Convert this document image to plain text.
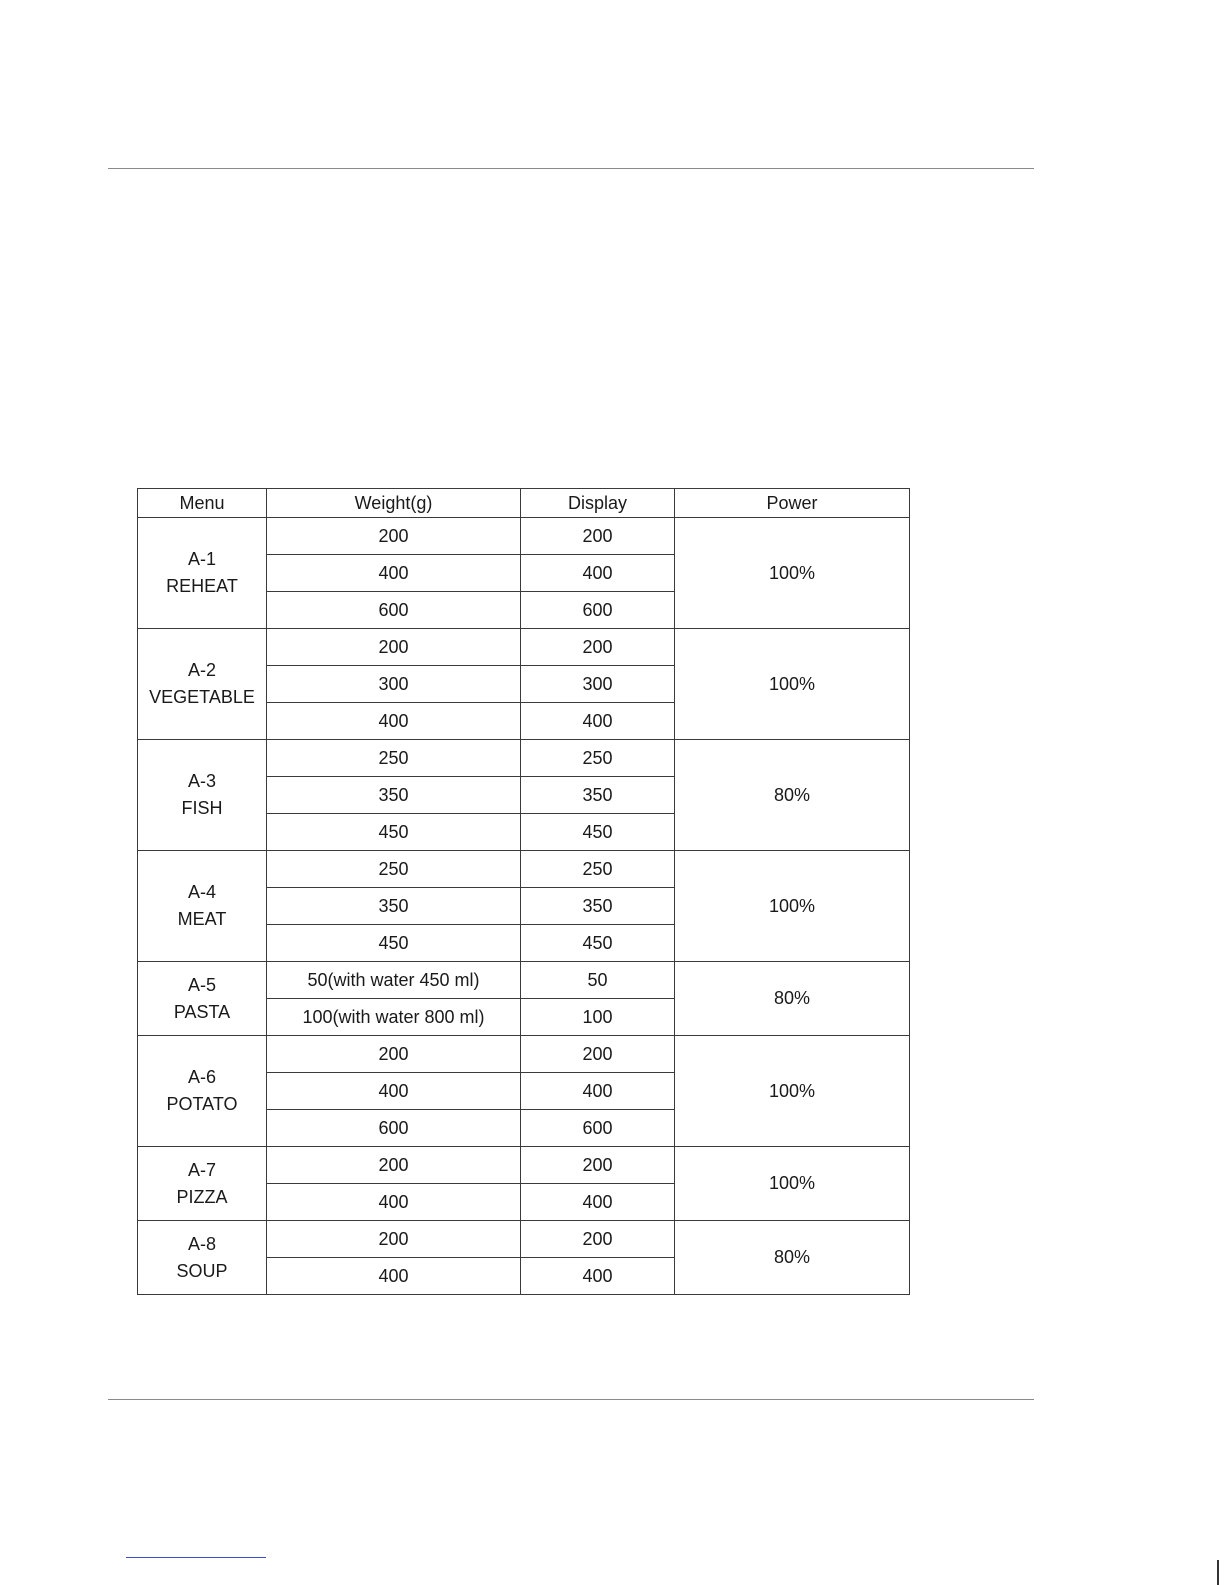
Menu	Weight(g)	Display	Power

A-1
REHEAT	200	200	100%
	400	400	
	600	600	

A-2
VEGETABLE	200	200	100%
	300	300	
	400	400	

A-3
FISH	250	250	80%
	350	350	
	450	450	

A-4
MEAT	250	250	100%
	350	350	
	450	450	

A-5
PASTA	50(with water 450 ml)	50	80%
	100(with water 800 ml)	100	

A-6
POTATO	200	200	100%
	400	400	
	600	600	

A-7
PIZZA	200	200	100%
	400	400	

A-8
SOUP	200	200	80%
	400	400	
